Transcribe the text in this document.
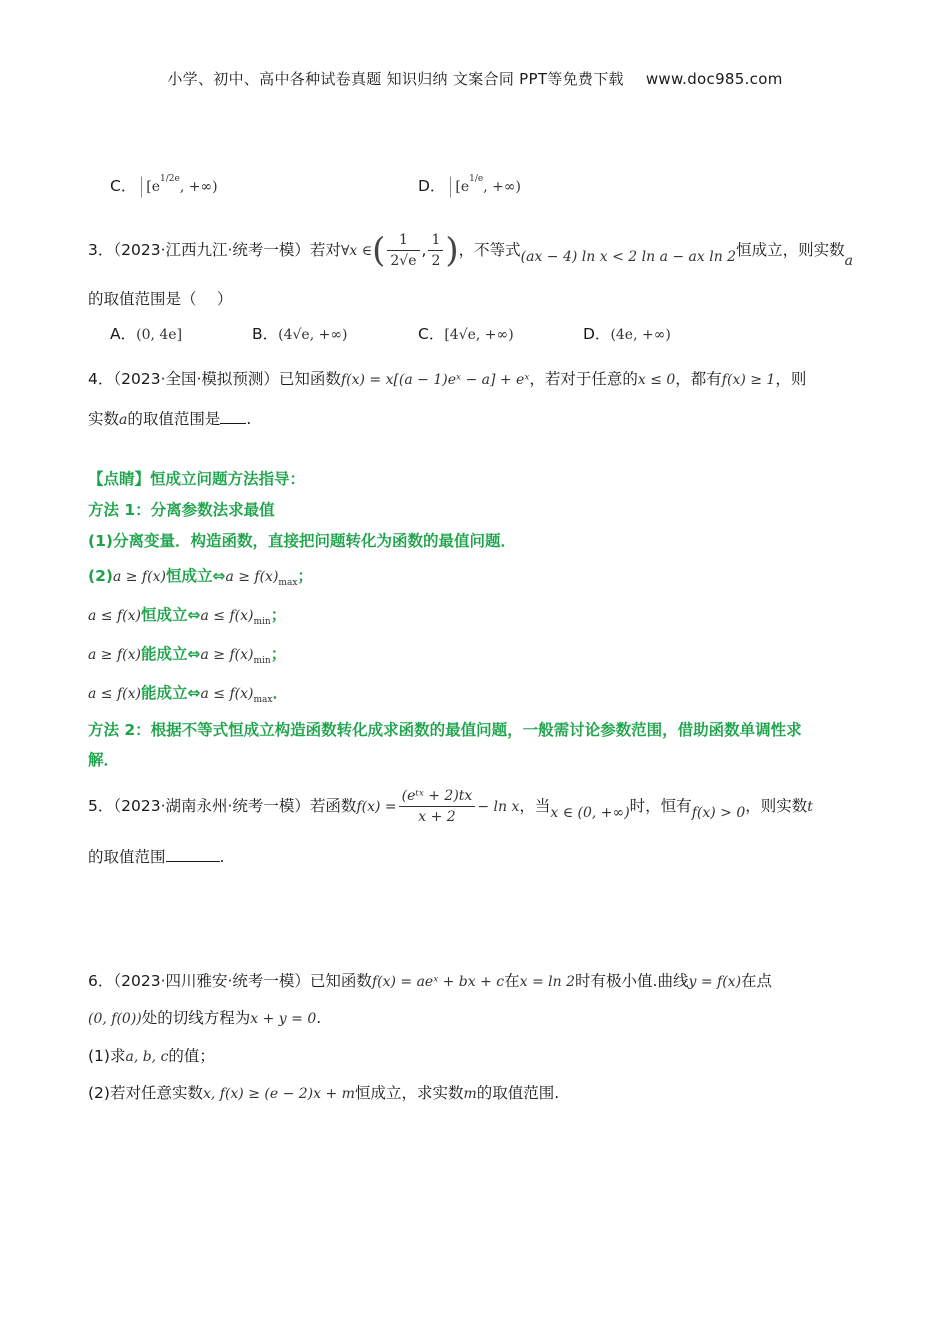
小学、初中、高中各种试卷真题 知识归纳 文案合同 PPT等免费下载 www.doc985.com
C． [$e^{1/2e}$, +∞)	D． [$e^{1/e}$, +∞)
3．（2023·江西九江·统考一模）若对∀x ∈( $\frac{1}{2√e}$ , $\frac{1}{2}$ )，不等式(ax − 4) ln x < 2 ln a − ax ln 2恒成立，则实数a
的取值范围是（　 ）
A．(0, 4e]	B．(4√e, +∞)	C．[4√e, +∞)	D．(4e, +∞)
4．（2023·全国·模拟预测）已知函数f(x) = x[(a − 1)eˣ − a] + eˣ，若对于任意的x ≤ 0，都有f(x) ≥ 1，则
实数a的取值范围是 .
【点睛】恒成立问题方法指导：
方法 1：分离参数法求最值
(1)分离变量．构造函数，直接把问题转化为函数的最值问题．
(2)a ≥ f(x)恒成立⇔a ≥ $f(x)_{max}$；
a ≤ f(x)恒成立⇔a ≤ $f(x)_{min}$；
a ≥ f(x)能成立⇔a ≥ $f(x)_{min}$；
a ≤ f(x)能成立⇔a ≤ $f(x)_{max}$．
方法 2：根据不等式恒成立构造函数转化成求函数的最值问题，一般需讨论参数范围，借助函数单调性求
解．
5．（2023·湖南永州·统考一模）若函数$f(x) = \frac{\text{(eᵗˣ + 2)tx}}{x + 2} - \ln x$，当x ∈ (0, +∞)时，恒有f(x) > 0，则实数t
的取值范围	.
6．（2023·四川雅安·统考一模）已知函数f(x) = aeˣ + bx + c在x = ln 2时有极小值.曲线y = f(x)在点
(0, f(0))处的切线方程为x + y = 0.
(1)求a, b, c的值；
(2)若对任意实数x, f(x) ≥ (e − 2)x + m恒成立，求实数m的取值范围.
